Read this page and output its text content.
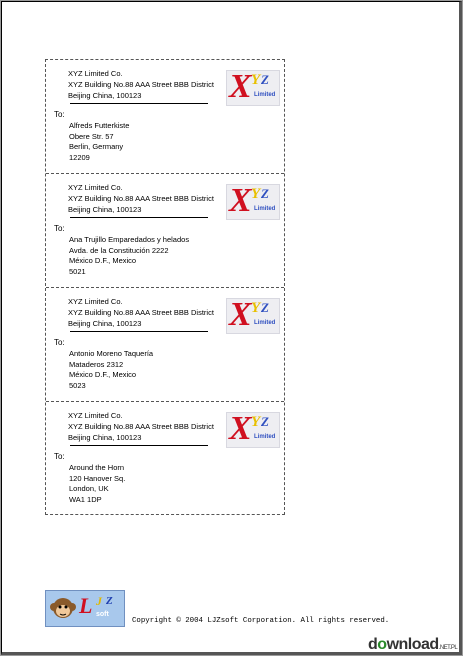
XYZ Limited Co.
XYZ Building No.88 AAA Street BBB District
Beijing China, 100123	X Y Z
Limited
To:
Alfreds Futterkiste
Obere Str. 57
Berlin, Germany
12209
XYZ Limited Co.
XYZ Building No.88 AAA Street BBB District
Beijing China, 100123	X Y Z
Limited
To:
Ana Trujillo Emparedados y helados
Avda. de la Constitución 2222
México D.F., Mexico
5021
XYZ Limited Co.
XYZ Building No.88 AAA Street BBB District
Beijing China, 100123	X Y Z
Limited
To:
Antonio Moreno Taquería
Mataderos 2312
México D.F., Mexico
5023
XYZ Limited Co.
XYZ Building No.88 AAA Street BBB District
Beijing China, 100123	X Y Z
Limited
To:
Around the Horn
120 Hanover Sq.
London, UK
WA1 1DP
L J Z
soft
Copyright © 2004 LJZsoft Corporation. All rights reserved.
download.NET.PL
